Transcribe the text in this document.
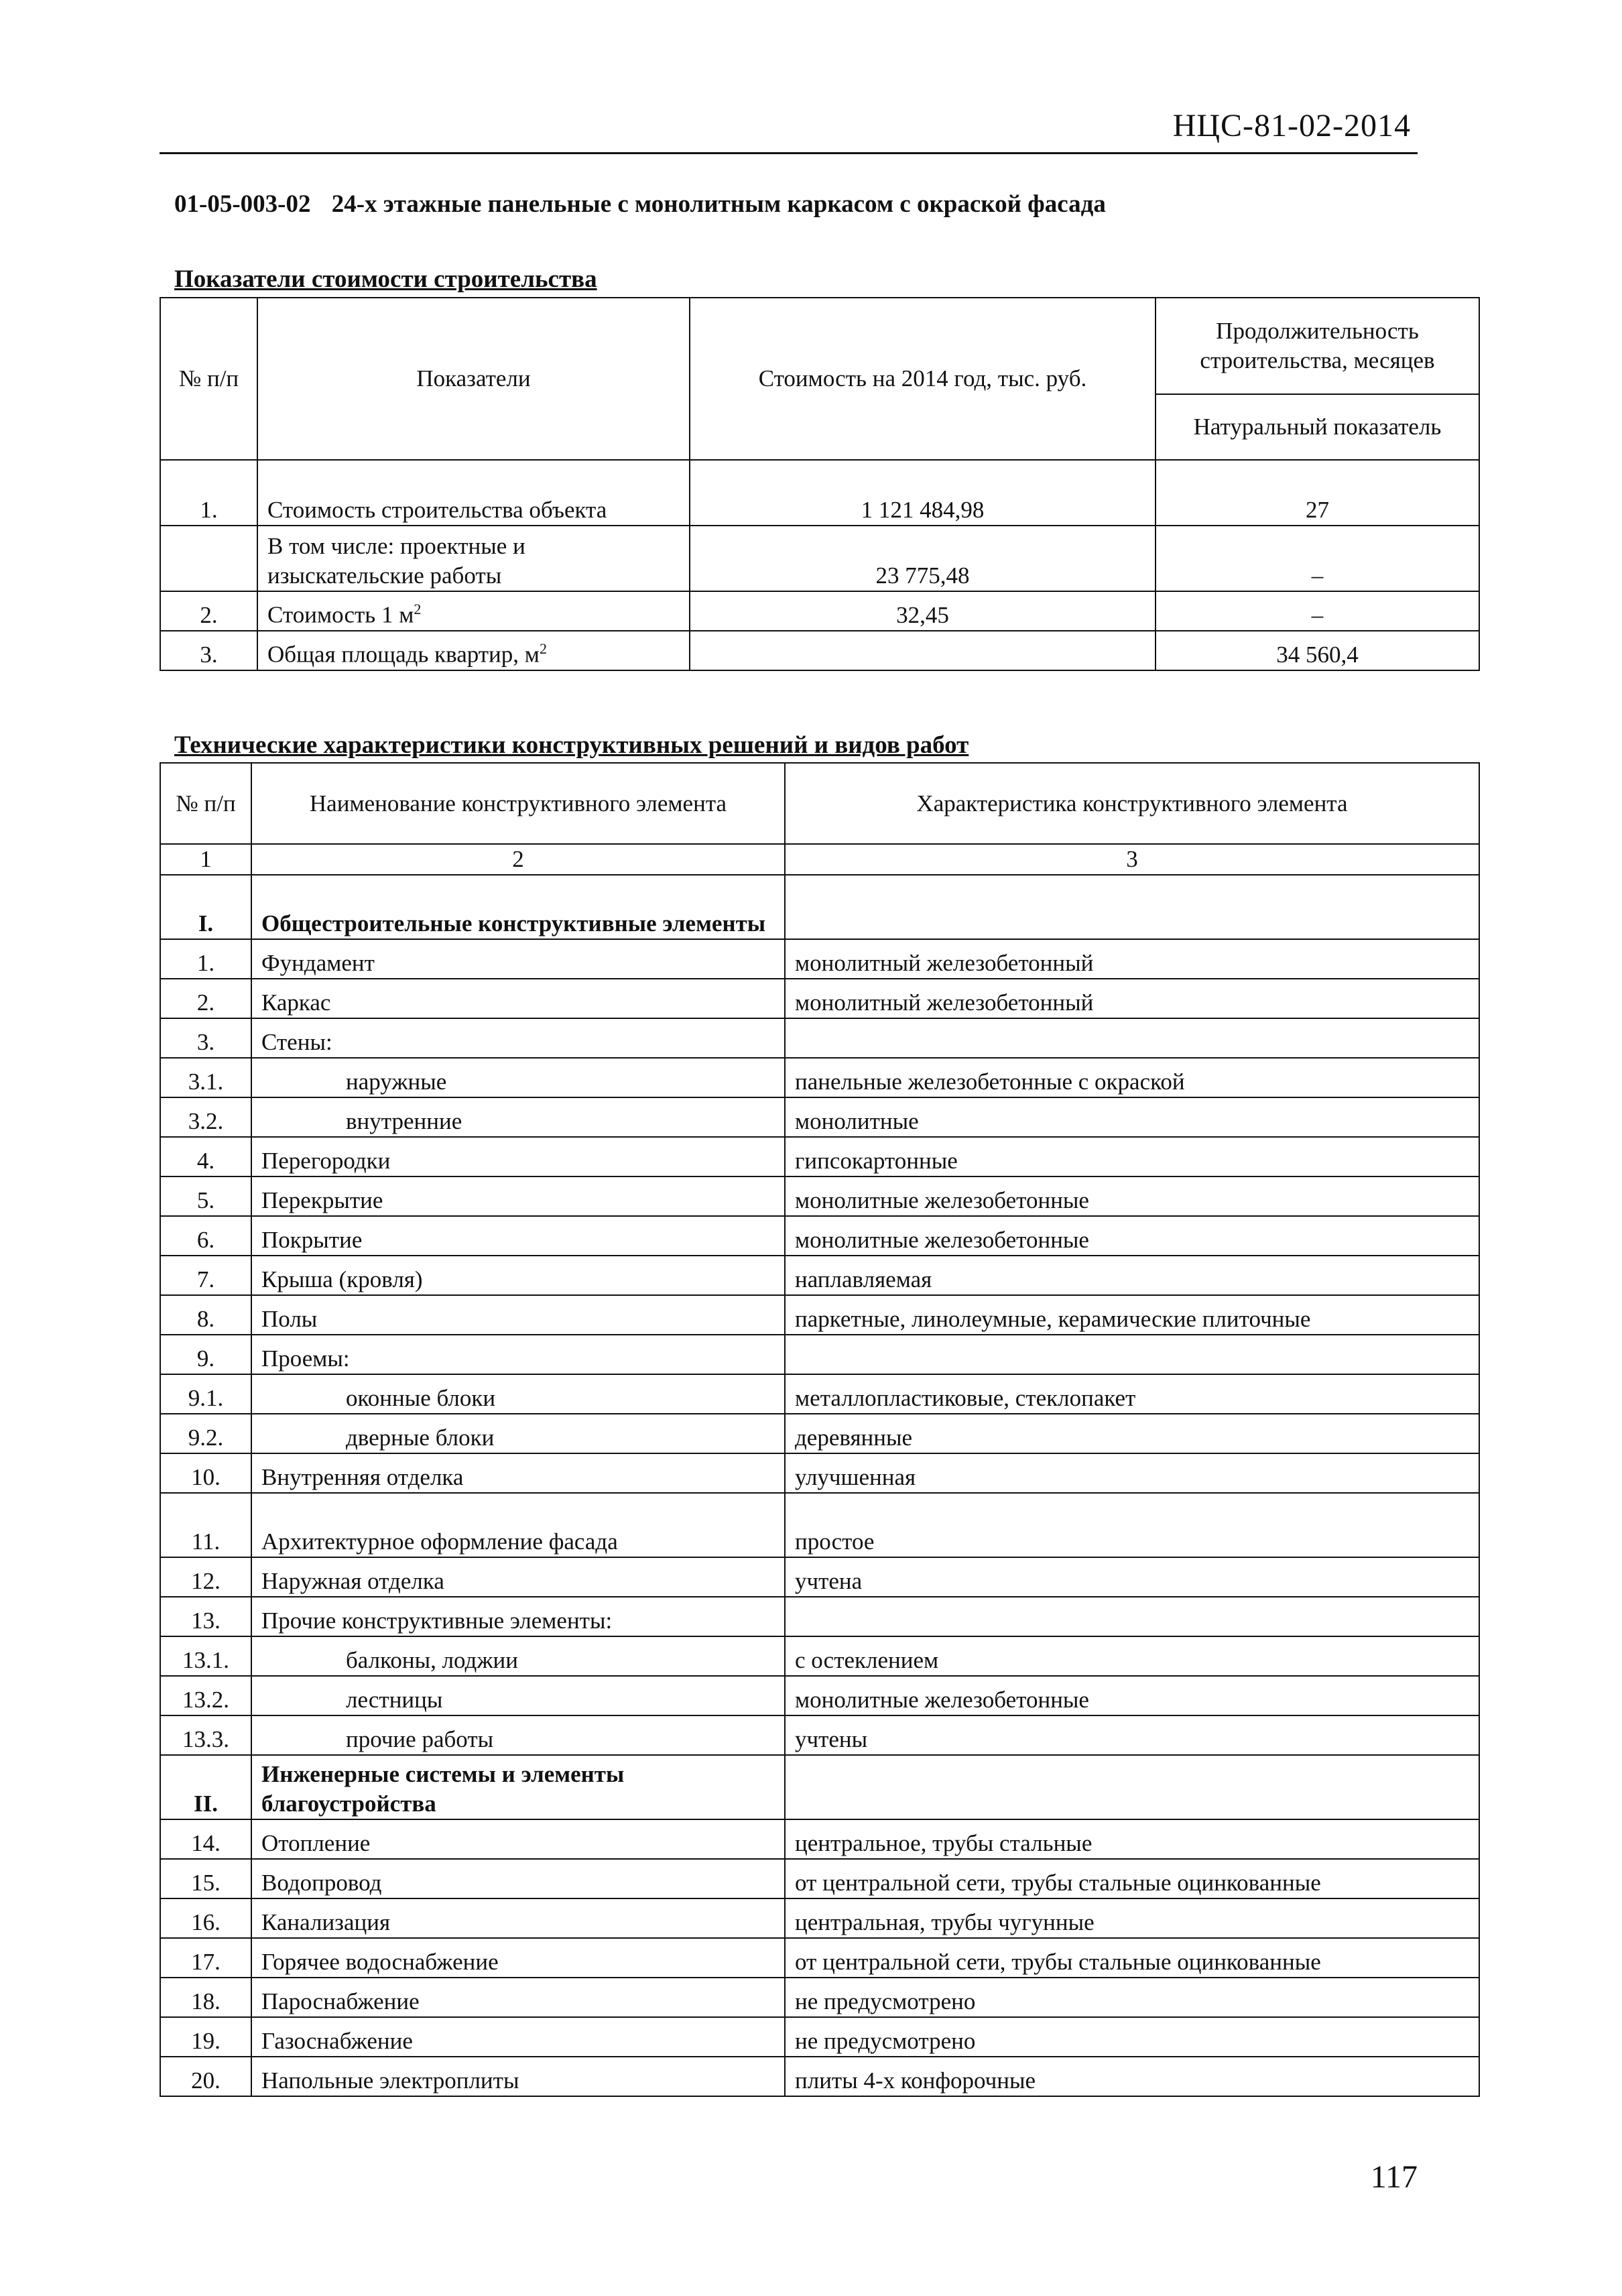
НЦС-81-02-2014
01-05-003-02 24-х этажные панельные с монолитным каркасом с окраской фасада
Показатели стоимости строительства
№ п/п	Показатели	Стоимость на 2014 год, тыс. руб.	Продолжительность строительства, месяцев
			Натуральный показатель
1.	Стоимость строительства объекта	1 121 484,98	27
	В том числе: проектные и изыскательские работы	23 775,48	–
2.	Стоимость 1 $м^2$	32,45	–
3.	Общая площадь квартир, $м^2$		34 560,4
Технические характеристики конструктивных решений и видов работ
№ п/п	Наименование конструктивного элемента	Характеристика конструктивного элемента
1	2	3
I.	Общестроительные конструктивные элементы	
1.	Фундамент	монолитный железобетонный
2.	Каркас	монолитный железобетонный
3.	Стены:	
3.1.	наружные	панельные железобетонные с окраской
3.2.	внутренние	монолитные
4.	Перегородки	гипсокартонные
5.	Перекрытие	монолитные железобетонные
6.	Покрытие	монолитные железобетонные
7.	Крыша (кровля)	наплавляемая
8.	Полы	паркетные, линолеумные, керамические плиточные
9.	Проемы:	
9.1.	оконные блоки	металлопластиковые, стеклопакет
9.2.	дверные блоки	деревянные
10.	Внутренняя отделка	улучшенная
11.	Архитектурное оформление фасада	простое
12.	Наружная отделка	учтена
13.	Прочие конструктивные элементы:	
13.1.	балконы, лоджии	с остеклением
13.2.	лестницы	монолитные железобетонные
13.3.	прочие работы	учтены
II.	Инженерные системы и элементы благоустройства	
14.	Отопление	центральное, трубы стальные
15.	Водопровод	от центральной сети, трубы стальные оцинкованные
16.	Канализация	центральная, трубы чугунные
17.	Горячее водоснабжение	от центральной сети, трубы стальные оцинкованные
18.	Пароснабжение	не предусмотрено
19.	Газоснабжение	не предусмотрено
20.	Напольные электроплиты	плиты 4-х конфорочные
117
